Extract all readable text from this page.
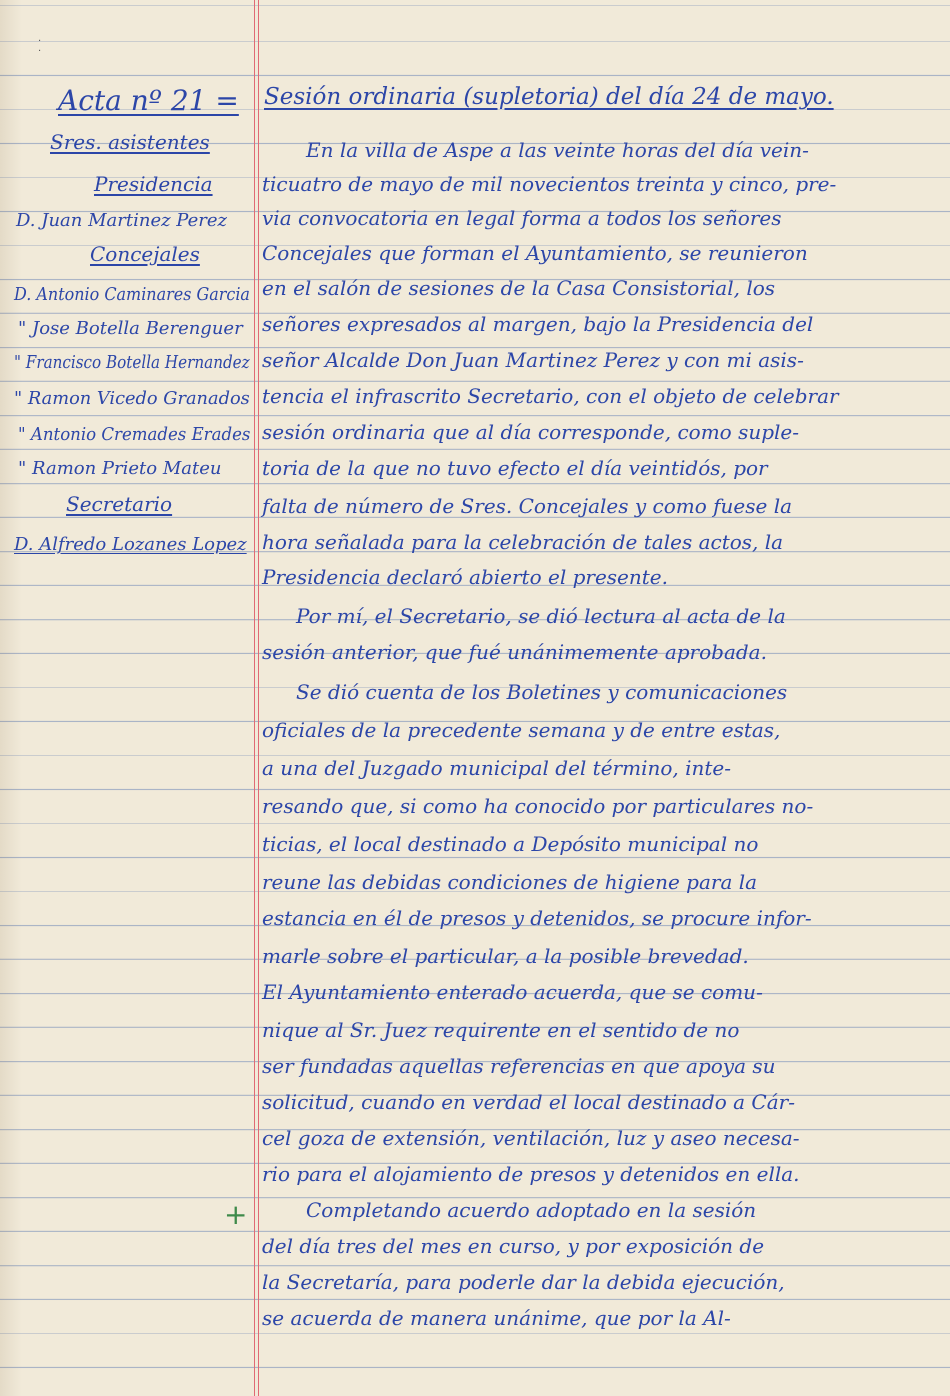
·
·
Acta nº 21 = Sesión ordinaria (supletoria) del día 24 de mayo.
Sres. asistentes
Presidencia
D. Juan Martinez Perez
Concejales
D. Antonio Caminares Garcia
" Jose Botella Berenguer
" Francisco Botella Hernandez
" Ramon Vicedo Granados
" Antonio Cremades Erades
" Ramon Prieto Mateu
Secretario
D. Alfredo Lozanes Lopez
En la villa de Aspe a las veinte horas del día vein-
ticuatro de mayo de mil novecientos treinta y cinco, pre-
via convocatoria en legal forma a todos los señores
Concejales que forman el Ayuntamiento, se reunieron
en el salón de sesiones de la Casa Consistorial, los
señores expresados al margen, bajo la Presidencia del
señor Alcalde Don Juan Martinez Perez y con mi asis-
tencia el infrascrito Secretario, con el objeto de celebrar
sesión ordinaria que al día corresponde, como suple-
toria de la que no tuvo efecto el día veintidós, por
falta de número de Sres. Concejales y como fuese la
hora señalada para la celebración de tales actos, la
Presidencia declaró abierto el presente.
Por mí, el Secretario, se dió lectura al acta de la
sesión anterior, que fué unánimemente aprobada.
Se dió cuenta de los Boletines y comunicaciones
oficiales de la precedente semana y de entre estas,
a una del Juzgado municipal del término, inte-
resando que, si como ha conocido por particulares no-
ticias, el local destinado a Depósito municipal no
reune las debidas condiciones de higiene para la
estancia en él de presos y detenidos, se procure infor-
marle sobre el particular, a la posible brevedad.
El Ayuntamiento enterado acuerda, que se comu-
nique al Sr. Juez requirente en el sentido de no
ser fundadas aquellas referencias en que apoya su
solicitud, cuando en verdad el local destinado a Cár-
cel goza de extensión, ventilación, luz y aseo necesa-
rio para el alojamiento de presos y detenidos en ella.
Completando acuerdo adoptado en la sesión
del día tres del mes en curso, y por exposición de
la Secretaría, para poderle dar la debida ejecución,
se acuerda de manera unánime, que por la Al-
+
